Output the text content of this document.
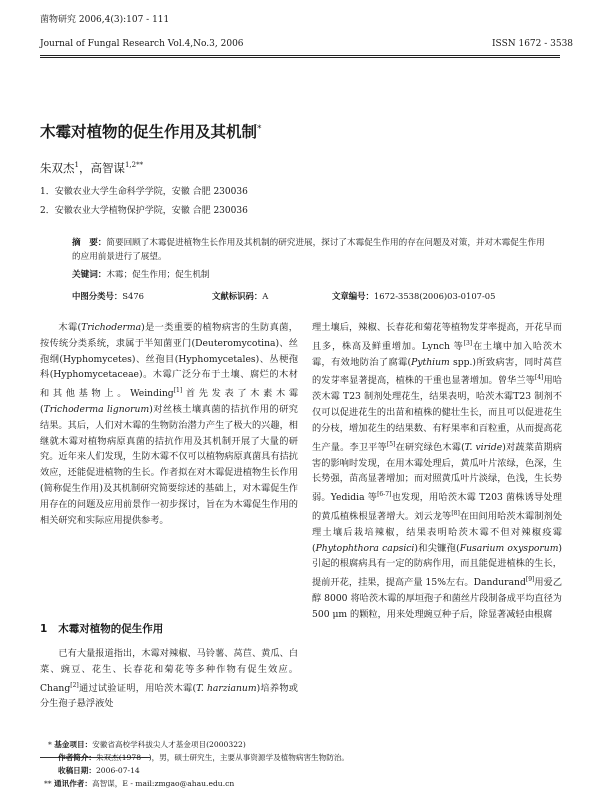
菌物研究 2006,4(3):107 - 111
Journal of Fungal Research Vol.4,No.3, 2006	ISSN 1672 - 3538
木霉对植物的促生作用及其机制*
朱双杰$^1$，高智谋$^{1,2**}$
1．安徽农业大学生命科学学院，安徽 合肥 230036
2．安徽农业大学植物保护学院，安徽 合肥 230036
摘　要：简要回顾了木霉促进植物生长作用及其机制的研究进展，探讨了木霉促生作用的存在问题及对策，并对木霉促生作用的应用前景进行了展望。
关键词：木霉；促生作用；促生机制
中图分类号：S476	文献标识码：A	文章编号：1672-3538(2006)03-0107-05

木霉(Trichoderma)是一类重要的植物病害的生防真菌，按传统分类系统，隶属于半知菌亚门(Deuteromycotina)、丝孢纲(Hyphomycetes)、丝孢目(Hyphomycetales)、丛梗孢科(Hyphomycetaceae)。木霉广泛分布于土壤、腐烂的木材和其他基物上。Weinding[1]首先发表了木素木霉(Trichoderma lignorum)对丝核土壤真菌的拮抗作用的研究结果。其后，人们对木霉的生物防治潜力产生了极大的兴趣，相继就木霉对植物病原真菌的拮抗作用及其机制开展了大量的研究。近年来人们发现，生防木霉不仅可以植物病原真菌具有拮抗效应，还能促进植物的生长。作者拟在对木霉促进植物生长作用(简称促生作用)及其机制研究简要综述的基础上，对木霉促生作用存在的问题及应用前景作一初步探讨，旨在为木霉促生作用的相关研究和实际应用提供参考。

1 木霉对植物的促生作用

已有大量报道指出，木霉对辣椒、马铃薯、莴苣、黄瓜、白菜、豌豆、花生、长春花和菊花等多种作物有促生效应。Chang[2]通过试验证明，用哈茨木霉(T. harzianum)培养物或分生孢子悬浮液处

理土壤后，辣椒、长春花和菊花等植物发芽率提高，开花早而且多，株高及鲜重增加。Lynch 等[3]在土壤中加入哈茨木霉，有效地防治了腐霉(Pythium spp.)所致病害，同时莴苣的发芽率显著提高，植株的干重也显著增加。曾华兰等[4]用哈茨木霉 T23 制剂处理花生，结果表明，哈茨木霉T23 制剂不仅可以促进花生的出苗和植株的健壮生长，而且可以促进花生的分枝，增加花生的结果数、有籽果率和百粒重，从而提高花生产量。李卫平等[5]在研究绿色木霉(T. viride)对蔬菜苗期病害的影响时发现，在用木霉处理后，黄瓜叶片浓绿，色深，生长势强，苗高显著增加；而对照黄瓜叶片淡绿，色浅，生长势弱。Yedidia 等[6-7]也发现，用哈茨木霉 T203 菌株诱导处理的黄瓜植株根显著增大。刘云龙等[8]在田间用哈茨木霉制剂处理土壤后栽培辣椒，结果表明哈茨木霉不但对辣椒疫霉(Phytophthora capsici)和尖镰孢(Fusarium oxysporum)引起的根腐病具有一定的防病作用，而且能促进植株的生长，提前开花，挂果，提高产量 15%左右。Dandurand[9]用爱乙醇 8000 将哈茨木霉的厚垣孢子和菌丝片段制备成平均直径为 500 μm 的颗粒，用来处理豌豆种子后，除显著减轻由根腐

* 基金项目：安徽省高校学科拔尖人才基金项目(2000322)
作者简介：朱双杰(1978－)，男，硕士研究生，主要从事资源学及植物病害生物防治。
收稿日期：2006-07-14
** 通讯作者：高智谋，E - mail:zmgao@ahau.edu.cn
